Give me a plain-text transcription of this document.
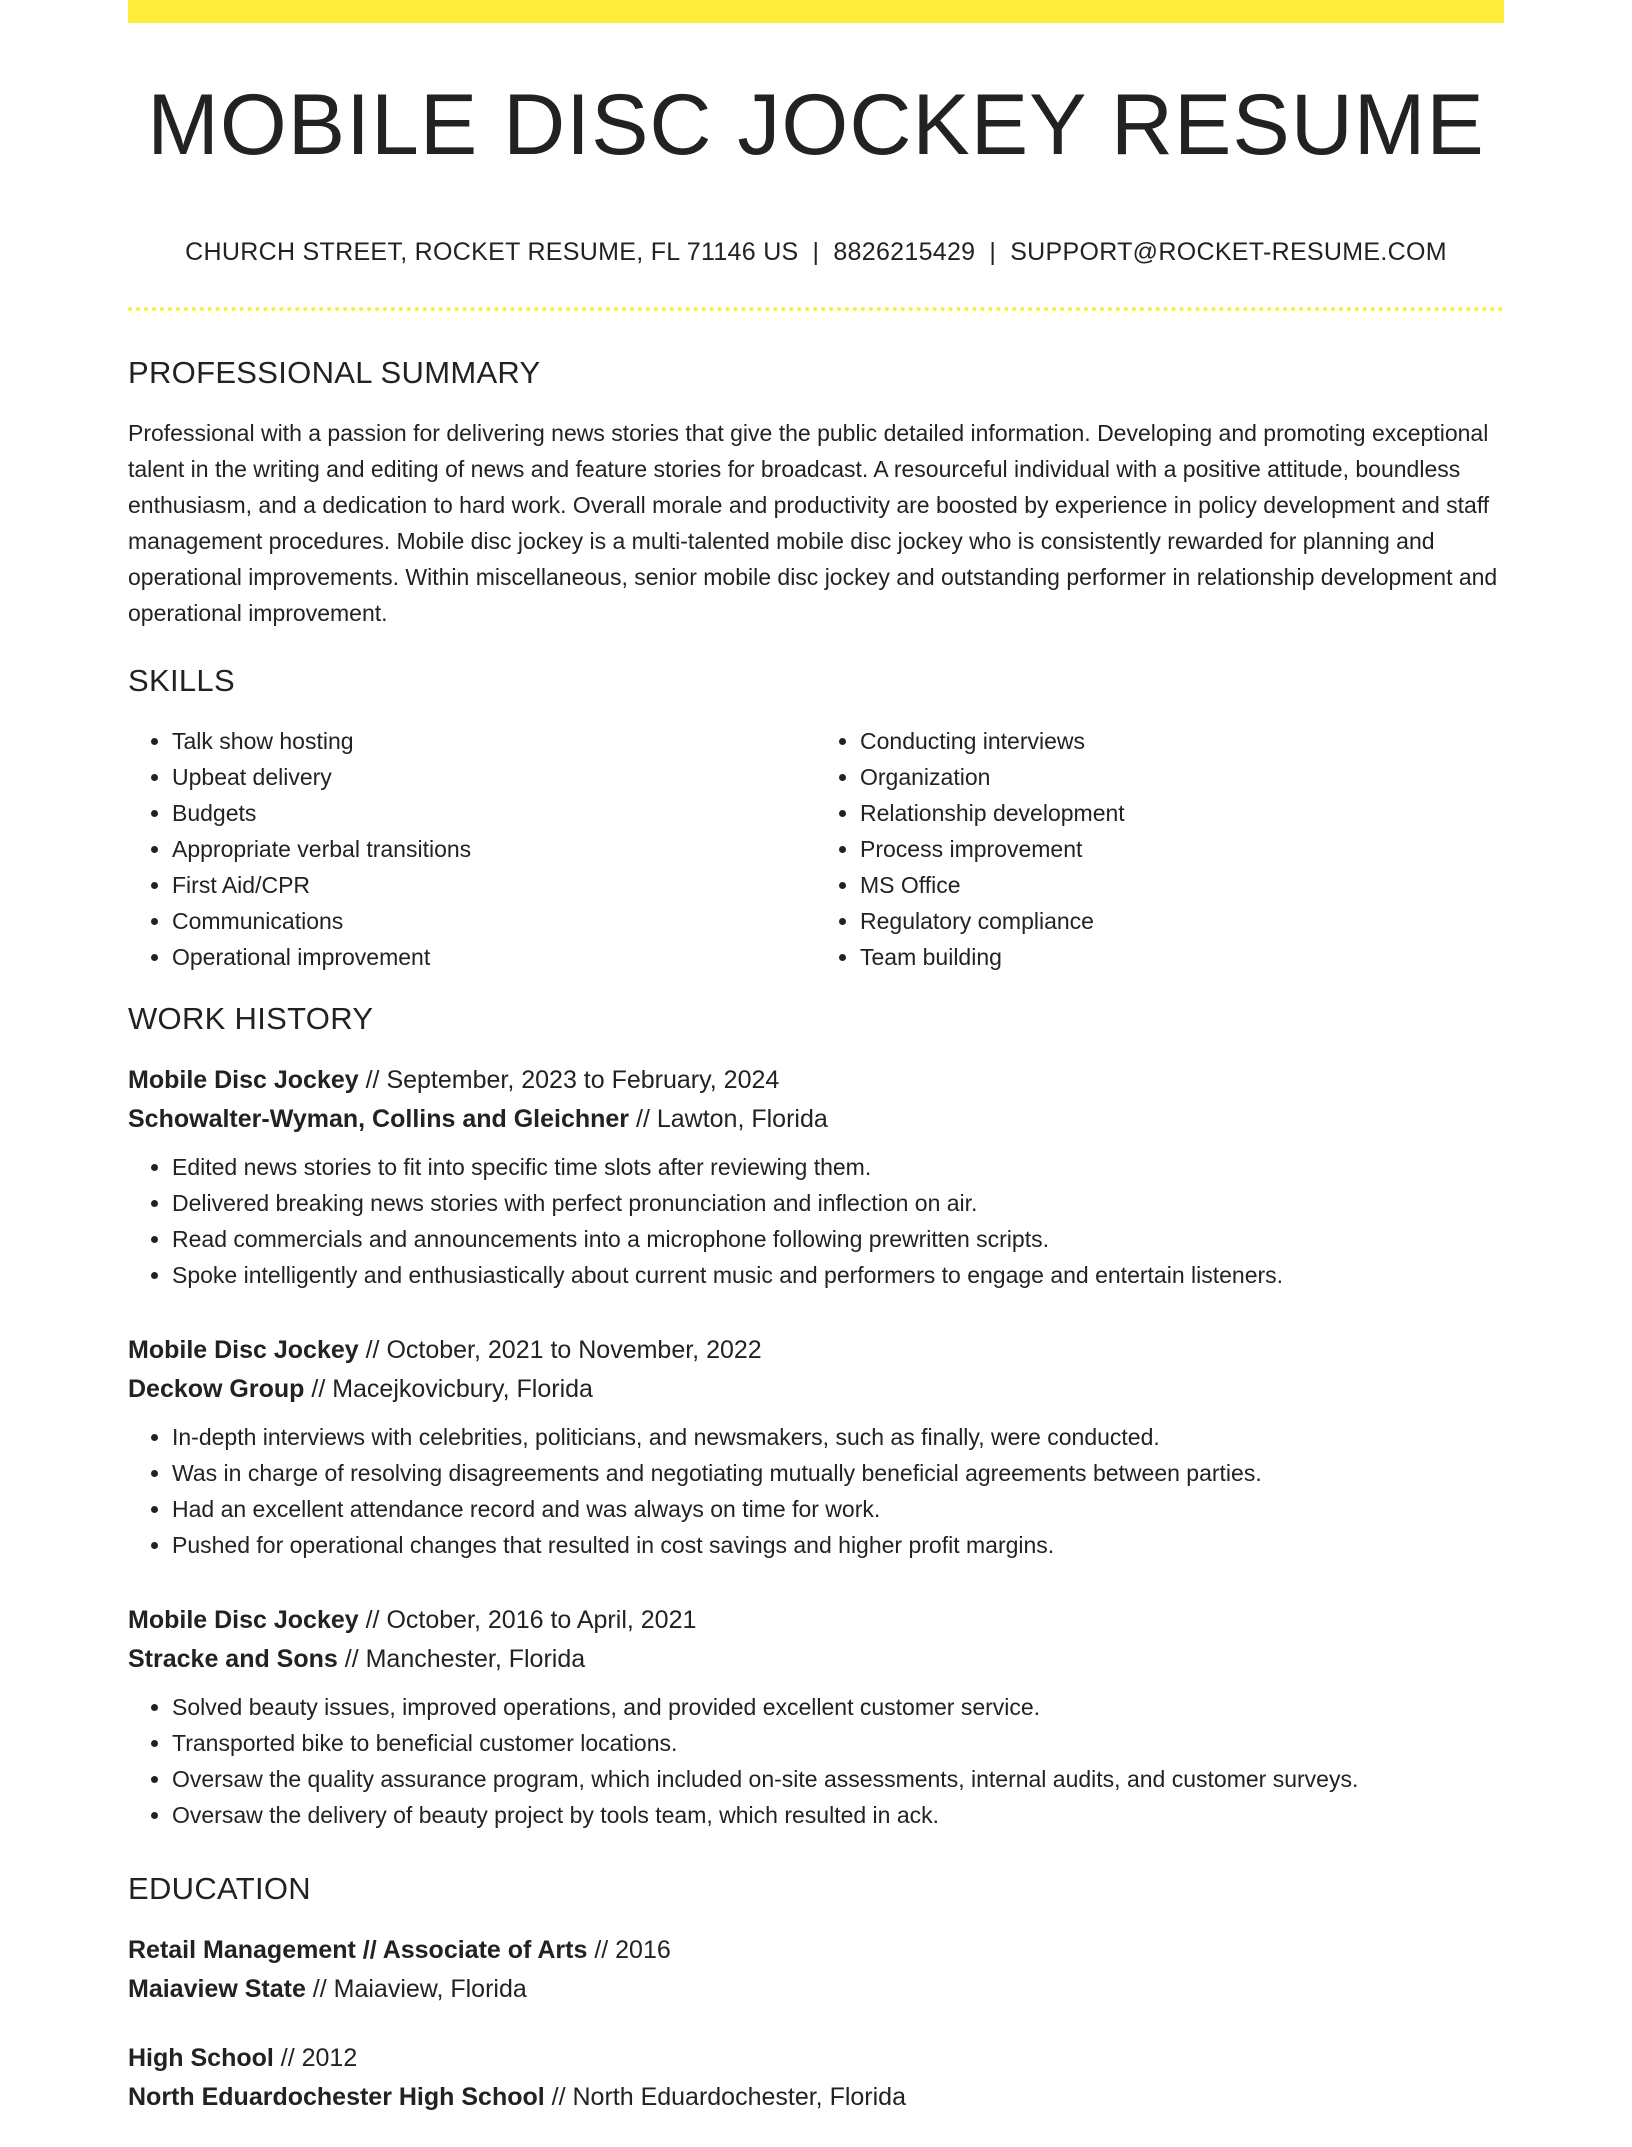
MOBILE DISC JOCKEY RESUME
CHURCH STREET, ROCKET RESUME, FL 71146 US | 8826215429 | SUPPORT@ROCKET-RESUME.COM
PROFESSIONAL SUMMARY

Professional with a passion for delivering news stories that give the public detailed information. Developing and promoting exceptional talent in the writing and editing of news and feature stories for broadcast. A resourceful individual with a positive attitude, boundless enthusiasm, and a dedication to hard work. Overall morale and productivity are boosted by experience in policy development and staff management procedures. Mobile disc jockey is a multi-talented mobile disc jockey who is consistently rewarded for planning and operational improvements. Within miscellaneous, senior mobile disc jockey and outstanding performer in relationship development and operational improvement.

SKILLS
• Talk show hosting
• Upbeat delivery
• Budgets
• Appropriate verbal transitions
• First Aid/CPR
• Communications
• Operational improvement
• Conducting interviews
• Organization
• Relationship development
• Process improvement
• MS Office
• Regulatory compliance
• Team building
WORK HISTORY
Mobile Disc Jockey // September, 2023 to February, 2024
Schowalter-Wyman, Collins and Gleichner // Lawton, Florida
• Edited news stories to fit into specific time slots after reviewing them.
• Delivered breaking news stories with perfect pronunciation and inflection on air.
• Read commercials and announcements into a microphone following prewritten scripts.
• Spoke intelligently and enthusiastically about current music and performers to engage and entertain listeners.
Mobile Disc Jockey // October, 2021 to November, 2022
Deckow Group // Macejkovicbury, Florida
• In-depth interviews with celebrities, politicians, and newsmakers, such as finally, were conducted.
• Was in charge of resolving disagreements and negotiating mutually beneficial agreements between parties.
• Had an excellent attendance record and was always on time for work.
• Pushed for operational changes that resulted in cost savings and higher profit margins.
Mobile Disc Jockey // October, 2016 to April, 2021
Stracke and Sons // Manchester, Florida
• Solved beauty issues, improved operations, and provided excellent customer service.
• Transported bike to beneficial customer locations.
• Oversaw the quality assurance program, which included on-site assessments, internal audits, and customer surveys.
• Oversaw the delivery of beauty project by tools team, which resulted in ack.
EDUCATION
Retail Management // Associate of Arts // 2016
Maiaview State // Maiaview, Florida
High School // 2012
North Eduardochester High School // North Eduardochester, Florida
